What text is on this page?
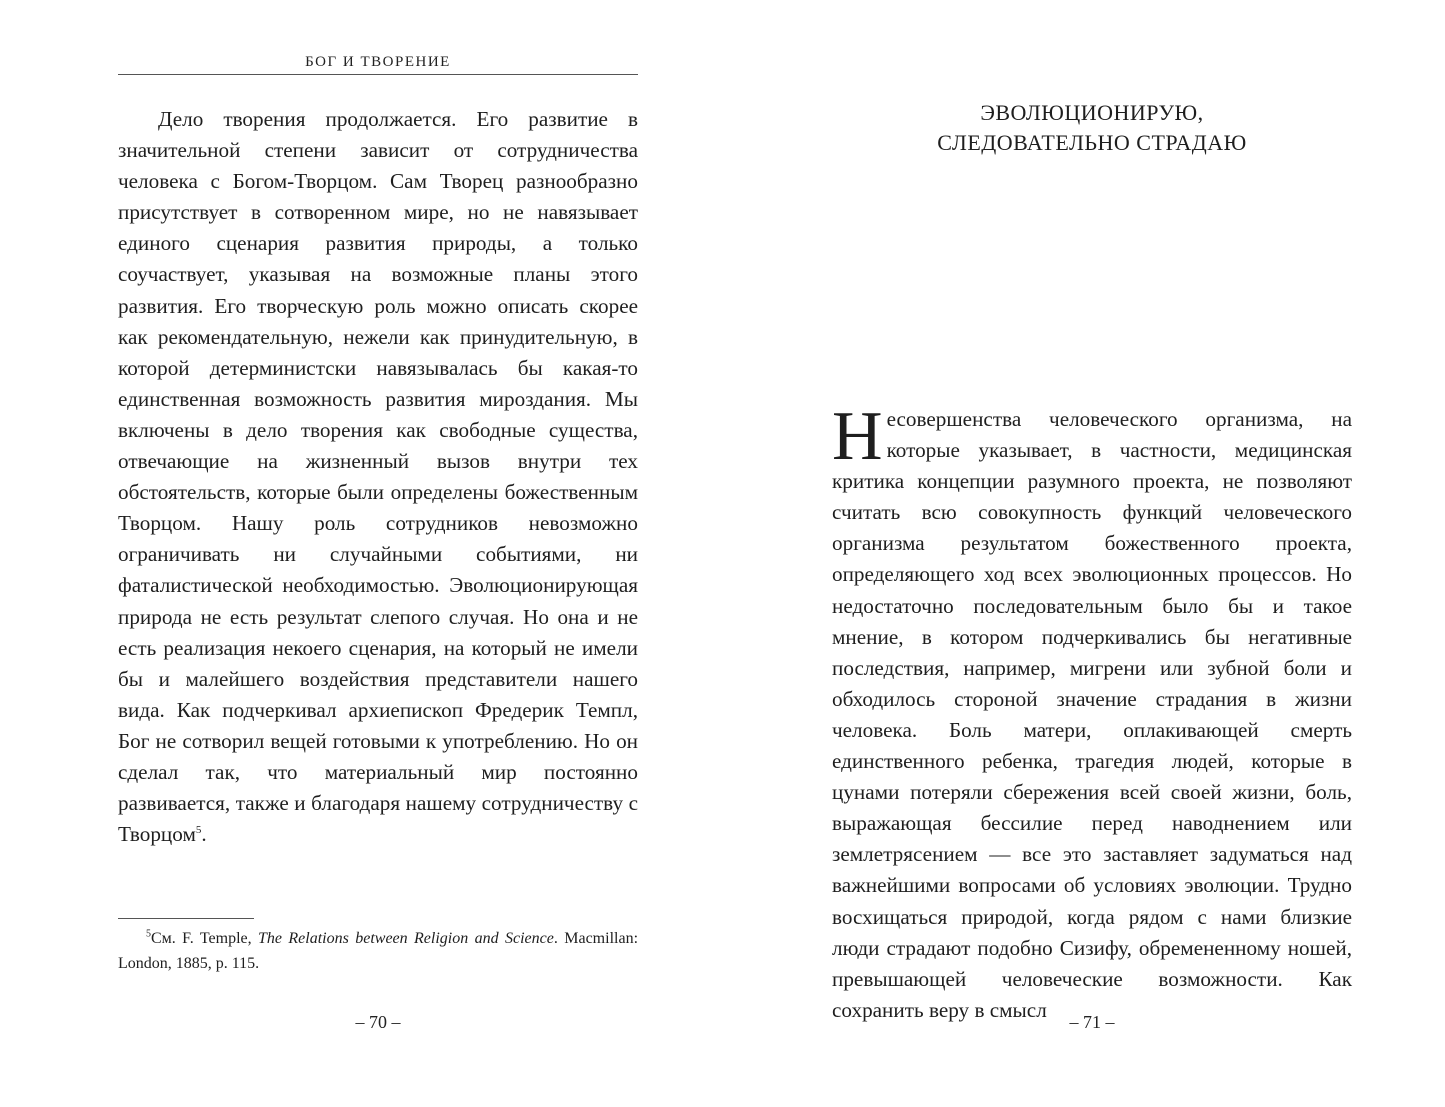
БОГ И ТВОРЕНИЕ

Дело творения продолжается. Его развитие в значительной степени зависит от сотрудничества человека с Богом-Творцом. Сам Творец разнообразно присутствует в сотворенном мире, но не навязывает единого сценария развития природы, а только соучаствует, указывая на возможные планы этого развития. Его творческую роль можно описать скорее как рекомендательную, нежели как принудительную, в которой детерминистски навязывалась бы какая-то единственная возможность развития мироздания. Мы включены в дело творения как свободные существа, отвечающие на жизненный вызов внутри тех обстоятельств, которые были определены божественным Творцом. Нашу роль сотрудников невозможно ограничивать ни случайными событиями, ни фаталистической необходимостью. Эволюционирующая природа не есть результат слепого случая. Но она и не есть реализация некоего сценария, на который не имели бы и малейшего воздействия представители нашего вида. Как подчеркивал архиепископ Фредерик Темпл, Бог не сотворил вещей готовыми к употреблению. Но он сделал так, что материальный мир постоянно развивается, также и благодаря нашему сотрудничеству с Творцом$^5$.

$^5$См. F. Temple, The Relations between Religion and Science. Macmillan: London, 1885, p. 115.

– 70 –
ЭВОЛЮЦИОНИРУЮ,
СЛЕДОВАТЕЛЬНО СТРАДАЮ

Несовершенства человеческого организма, на которые указывает, в частности, медицинская критика концепции разумного проекта, не позволяют считать всю совокупность функций человеческого организма результатом божественного проекта, определяющего ход всех эволюционных процессов. Но недостаточно последовательным было бы и такое мнение, в котором подчеркивались бы негативные последствия, например, мигрени или зубной боли и обходилось стороной значение страдания в жизни человека. Боль матери, оплакивающей смерть единственного ребенка, трагедия людей, которые в цунами потеряли сбережения всей своей жизни, боль, выражающая бессилие перед наводнением или землетрясением — все это заставляет задуматься над важнейшими вопросами об условиях эволюции. Трудно восхищаться природой, когда рядом с нами близкие люди страдают подобно Сизифу, обремененному ношей, превышающей человеческие возможности. Как сохранить веру в смысл

– 71 –
